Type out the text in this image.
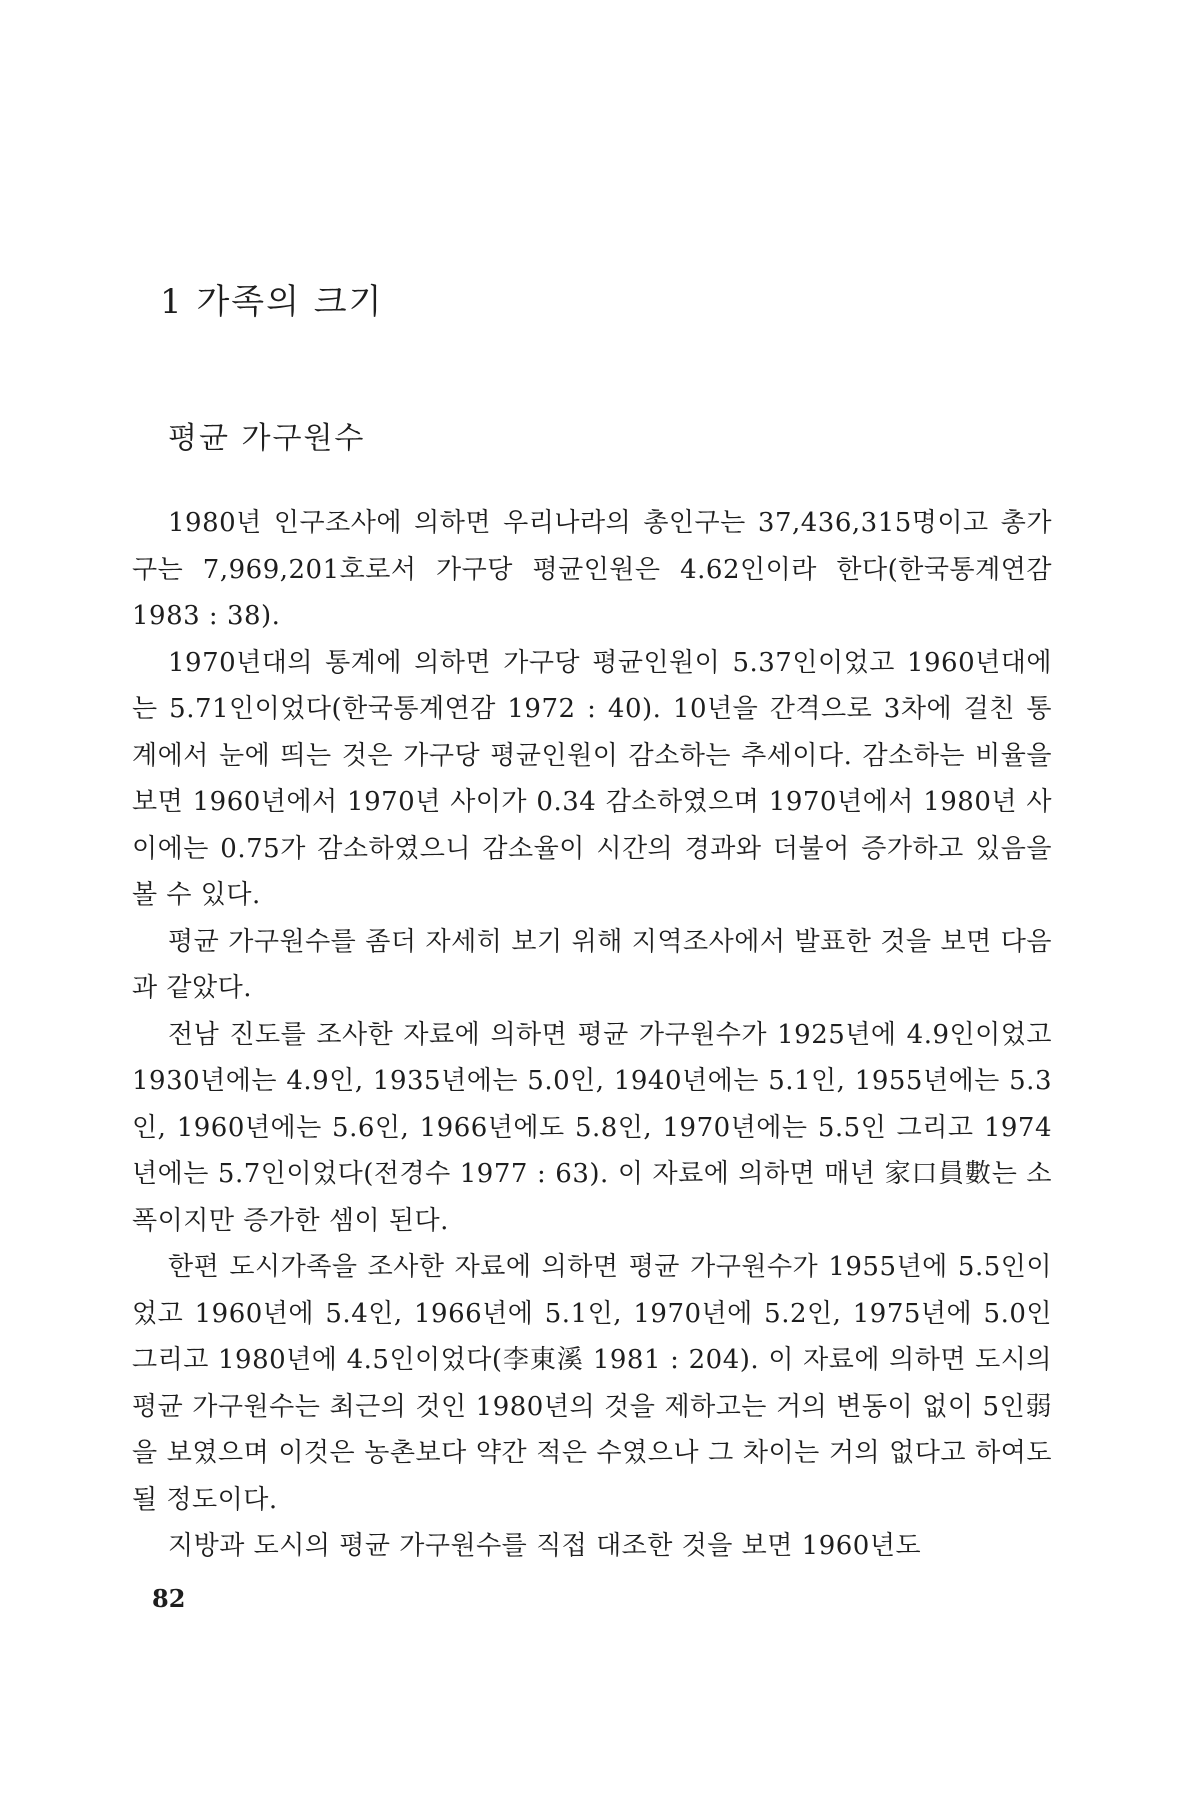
1 가족의 크기
평균 가구원수

1980년 인구조사에 의하면 우리나라의 총인구는 37,436,315명이고 총가구는 7,969,201호로서 가구당 평균인원은 4.62인이라 한다(한국통계연감 1983 : 38).

1970년대의 통계에 의하면 가구당 평균인원이 5.37인이었고 1960년대에는 5.71인이었다(한국통계연감 1972 : 40). 10년을 간격으로 3차에 걸친 통계에서 눈에 띄는 것은 가구당 평균인원이 감소하는 추세이다. 감소하는 비율을 보면 1960년에서 1970년 사이가 0.34 감소하였으며 1970년에서 1980년 사이에는 0.75가 감소하였으니 감소율이 시간의 경과와 더불어 증가하고 있음을 볼 수 있다.

평균 가구원수를 좀더 자세히 보기 위해 지역조사에서 발표한 것을 보면 다음과 같았다.

전남 진도를 조사한 자료에 의하면 평균 가구원수가 1925년에 4.9인이었고 1930년에는 4.9인, 1935년에는 5.0인, 1940년에는 5.1인, 1955년에는 5.3인, 1960년에는 5.6인, 1966년에도 5.8인, 1970년에는 5.5인 그리고 1974년에는 5.7인이었다(전경수 1977 : 63). 이 자료에 의하면 매년 家口員數는 소폭이지만 증가한 셈이 된다.

한편 도시가족을 조사한 자료에 의하면 평균 가구원수가 1955년에 5.5인이었고 1960년에 5.4인, 1966년에 5.1인, 1970년에 5.2인, 1975년에 5.0인 그리고 1980년에 4.5인이었다(李東溪 1981 : 204). 이 자료에 의하면 도시의 평균 가구원수는 최근의 것인 1980년의 것을 제하고는 거의 변동이 없이 5인弱을 보였으며 이것은 농촌보다 약간 적은 수였으나 그 차이는 거의 없다고 하여도 될 정도이다.

지방과 도시의 평균 가구원수를 직접 대조한 것을 보면 1960년도

82
